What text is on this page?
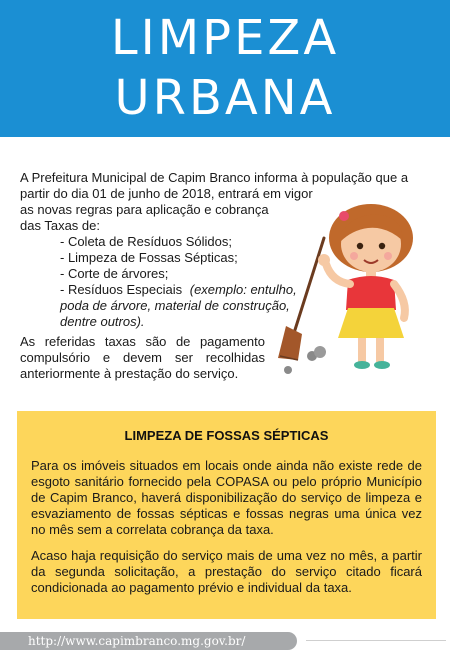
LIMPEZA
URBANA

A Prefeitura Municipal de Capim Branco informa à população que a partir do dia 01 de junho de 2018, entrará em vigor

as novas regras para aplicação e cobrança

das Taxas de:

- Coleta de Resíduos Sólidos;
- Limpeza de Fossas Sépticas;
- Corte de árvores;
- Resíduos Especiais (exemplo: entulho, poda de árvore, material de construção, dentre outros).
As referidas taxas são de pagamento compulsório e devem ser recolhidas anteriormente à prestação do serviço.
LIMPEZA DE FOSSAS SÉPTICAS

Para os imóveis situados em locais onde ainda não existe rede de esgoto sanitário fornecido pela COPASA ou pelo próprio Município de Capim Branco, haverá disponibilização do serviço de limpeza e esvaziamento de fossas sépticas e fossas negras uma única vez no mês sem a correlata cobrança da taxa.

Acaso haja requisição do serviço mais de uma vez no mês, a partir da segunda solicitação, a prestação do serviço citado ficará condicionada ao pagamento prévio e individual da taxa.

http://www.capimbranco.mg.gov.br/
